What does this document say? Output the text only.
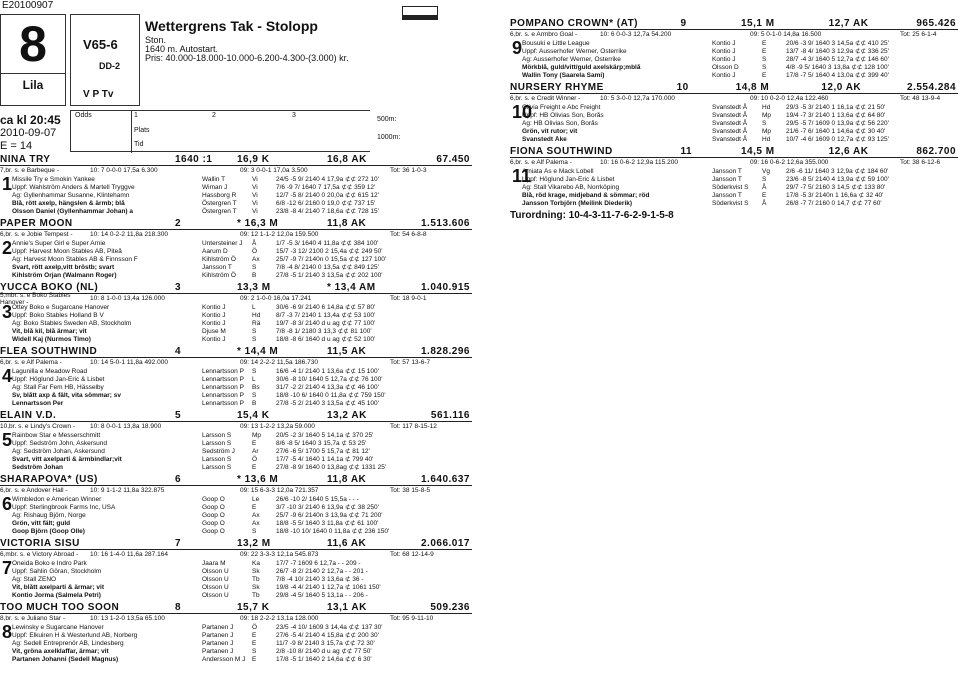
E20100907
8
Lila
V65-6
DD-2
V P Tv
ca kl 20:45
2010-09-07
E = 14
Odds	1	2	3
Plats
Tid
500m:
1000m:
Wettergrens Tak - Stolopp
Ston.
1640 m. Autostart.
Pris: 40.000-18.000-10.000-6.200-4.300-(3.000) kr.
NINA TRY	1640 :1	16,9 K	16,8 AK	67.450
7,br. s. e Barbeque -	10: 7 0-0-0 17,5a 6.300	09: 3 0-0-1 17,0a 3.500	Tot: 36 1-0-3
1 Missile Try e Smokin Yankee	Wallin T	Vi	24/5 -5 9/ 2140 4 17,9a ⊄⊄ 272 10'
Uppf: Wahlström Anders & Martell Tryggve	Wiman J	Vi	7/6 -9 7/ 1640 7 17,5a ⊄⊄ 359 12'
Äg: Gyllenhammar Susanne, Klintehamn	Hassborg R	Vi	12/7 -5 8/ 2140 0 20,0a ⊄⊄ 615 12'
Blå, rött axelp, hängslen & ärmb; blå	Östergren T	Vi	6/8 -12 6/ 2160 0 19,0 ⊄⊄ 737 15'
Olsson Daniel (Gyllenhammar Johan) a	Östergren T	Vi	23/8 -8 4/ 2140 7 18,6a ⊄⊄ 728 15'
PAPER MOON	2	* 16,3 M	11,8 AK	1.513.606
6,br. s. e Jobie Tempest -	10: 14 0-2-2 11,8a 218.300	09: 12 1-1-2 12,0a 159.500	Tot: 54 6-8-8
2 Annie's Super Girl e Super Arnie	Untersteiner J	Å	1/7 -5 3/ 1640 4 11,8a ⊄⊄ 384 100'
Uppf: Harvest Moon Stables AB, Piteå	Aarum D	Ö	15/7 -3 12/ 2100 2 15,4a ⊄⊄ 249 50'
Äg: Harvest Moon Stables AB & Finnsson F	Kihlström Ö	Ax	25/7 -9 7/ 2140n 0 15,5a ⊄⊄ 127 100'
Svart, rött axelp,vitt bröstb; svart	Jansson T	S	7/8 -4 8/ 2140 0 13,5a ⊄⊄ 849 125'
Kihlström Örjan (Walmann Roger)	Kihlström Ö	B	27/8 -5 1/ 2140 3 13,5a ⊄⊄ 202 100'
YUCCA BOKO (NL)	3	13,3 M	* 13,4 AM	1.040.915
5,mbr. s. e Boko Stables Hanover -	10: 8 1-0-0 13,4a 126.000	09: 2 1-0-0 16,0a 17.241	Tot: 18 9-0-1
3 Ottey Boko e Sugarcane Hanover	Kontio J	L	30/6 -6 9/ 2140 6 14,8a ⊄⊄ 57 80'
Uppf: Boko Stables Holland B V	Kontio J	Hd	8/7 -3 7/ 2140 1 13,4a ⊄⊄ 53 100'
Äg: Boko Stables Sweden AB, Stockholm	Kontio J	Rä	19/7 -8 3/ 2140 d u ag ⊄⊄ 77 100'
Vit, blå kil, blå ärmar; vit	Djuse M	S	7/8 -8 1/ 2180 3 13,3 ⊄⊄ 81 100'
Widell Kaj (Nurmos Timo)	Kontio J	S	18/8 -8 6/ 1640 d u ag ⊄⊄ 52 100'
FLEA SOUTHWIND	4	* 14,4 M	11,5 AK	1.828.296
6,br. s. e Alf Palema -	10: 14 5-0-1 11,8a 492.000	09: 14 2-2-2 11,5a 186.730	Tot: 57 13-6-7
4 Lagunilla e Meadow Road	Lennartsson P	S	16/6 -4 1/ 2140 1 13,6a ⊄⊄ 15 100'
Uppf: Höglund Jan-Eric & Lisbet	Lennartsson P	L	30/6 -8 10/ 1640 5 12,7a ⊄⊄ 76 100'
Äg: Stall Far Fem HB, Hässelby	Lennartsson P	Bs	31/7 -2 2/ 2140 4 13,3a ⊄⊄ 46 100'
Sv, blått axp & fält, vita sömmar; sv	Lennartsson P	S	18/8 -10 6/ 1640 0 11,8a ⊄⊄ 759 150'
Lennartsson Per	Lennartsson P	B	27/8 -5 2/ 2140 3 13,5a ⊄⊄ 45 100'
ELAIN V.D.	5	15,4 K	13,2 AK	561.116
10,br. s. e Lindy's Crown -	10: 8 0-0-1 13,8a 18.900	09: 13 1-2-2 13,2a 59.000	Tot: 117 8-15-12
5 Rainbow Star e Messerschmitt	Larsson S	Mp	20/5 -2 3/ 1640 5 14,1a ⊄ 370 25'
Uppf: Sedström John, Askersund	Larsson S	E	8/6 -8 5/ 1640 3 15,7a ⊄ 53 25'
Äg: Sedström Johan, Askersund	Sedström J	Ar	27/6 -6 5/ 1700 5 15,7a ⊄ 81 12'
Svart, vitt axelparti & ärmbindlar;vit	Larsson S	Ö	17/7 -5 4/ 1640 1 14,1a ⊄ 799 40'
Sedström Johan	Larsson S	E	27/8 -8 9/ 1640 0 13,8ag ⊄⊄ 1331 25'
SHARAPOVA* (US)	6	* 13,6 M	11,8 AK	1.640.637
6,br. s. e Andover Hall -	10: 9 1-1-2 11,8a 322.875	09: 15 6-3-3 12,0a 721.357	Tot: 38 15-8-5
6 Wimbledon e American Winner	Goop O	Le	26/6 -10 2/ 1640 5 15,5a - - -
Uppf: Sterlingbrook Farms Inc, USA	Goop O	E	3/7 -10 3/ 2140 6 13,9a ⊄⊄ 38 250'
Äg: Rishaug Björn, Norge	Goop O	Ax	25/7 -9 6/ 2140n 3 13,9a ⊄⊄ 71 200'
Grön, vitt fält; guld	Goop O	Ax	18/8 -5 5/ 1640 3 11,8a ⊄⊄ 61 100'
Goop Björn (Goop Olle)	Goop O	S	18/8 -10 10/ 1640 0 11,8a ⊄⊄ 236 150'
VICTORIA SISU	7	13,2 M	11,6 AK	2.066.017
6,mbr. s. e Victory Abroad -	10: 16 1-4-0 11,6a 287.164	09: 22 3-3-3 12,1a 545.873	Tot: 68 12-14-9
7 Oneida Boko e Indro Park	Jaara M	Ka	17/7 -7 1609 6 12,7a - - 209 -
Uppf: Sahlin Göran, Stockholm	Olsson U	Sk	26/7 -8 2/ 2140 2 12,7a - - 201 -
Äg: Stall ZENO	Olsson U	Tb	7/8 -4 10/ 2140 3 13,6a ⊄ 36 -
Vit, blått axelparti & ärmar; vit	Olsson U	Sk	19/8 -4 4/ 2140 1 12,7a ⊄ 1061 150'
Kontio Jorma (Salmela Petri)	Olsson U	Tb	29/8 -4 5/ 1640 5 13,1a - - 206 -
TOO MUCH TOO SOON	8	15,7 K	13,1 AK	509.236
8,br. s. e Juliano Star -	10: 13 1-2-0 13,5a 65.100	09: 18 2-2-2 13,1a 128.000	Tot: 95 9-11-10
8 Lewinsky e Sugarcane Hanover	Partanen J	Ö	23/5 -4 10/ 1609 3 14,4a ⊄⊄ 137 30'
Uppf: Elkuiren H & Westerlund AB, Norberg	Partanen J	E	27/6 -5 4/ 2140 4 15,8a ⊄⊄ 200 30'
Äg: Sedell Entreprenör AB, Lindesberg	Partanen J	E	11/7 -9 8/ 2140 3 15,7a ⊄⊄ 72 30'
Vit, gröna axelklaffar, ärmar; vit	Partanen J	S	2/8 -10 8/ 2140 d u ag ⊄⊄ 77 50'
Partanen Johanni (Sedell Magnus)	Andersson M J	E	17/8 -5 1/ 1640 2 14,6a ⊄⊄ 6 30'
POMPANO CROWN* (AT)	9	15,1 M	12,7 AK	965.426
6,br. s. e Armbro Goal -	10: 6 0-0-3 12,7a 54.200	09: 5 0-1-0 14,8a 16.500	Tot: 25 6-1-4
9 Bousuki e Little League	Kontio J	E	20/6 -3 9/ 1640 3 14,5a ⊄⊄ 410 25'
Uppf: Ausserhofer Werner, Österrike	Kontio J	E	13/7 -8 4/ 1640 3 12,9a ⊄⊄ 336 25'
Äg: Ausserhofer Werner, Österrike	Kontio J	S	28/7 -4 3/ 1640 5 12,7a ⊄⊄ 146 60'
Mörkblå, guld/vitt/guld axelskärp;mblå	Olsson D	S	4/8 -9 5/ 1640 3 13,8a ⊄⊄ 128 100'
Wallin Tony (Saarela Sami)	Kontio J	E	17/8 -7 5/ 1640 4 13,0a ⊄⊄ 399 40'
NURSERY RHYME	10	14,8 M	12,0 AK	2.554.284
6,br. s. e Credit Winner -	10: 5 3-0-0 12,7a 170.000	09: 10 0-2-0 12,4a 122.460	Tot: 48 13-9-4
10
Olivia Freight e Abc Freight	Svanstedt Å	Hd	29/3 -5 3/ 2140 1 16,1a ⊄⊄ 21 50'
Uppf: HB Olivias Son, Borås	Svanstedt Å	Mp	19/4 -7 3/ 2140 1 13,6a ⊄⊄ 64 80'
Äg: HB Olivias Son, Borås	Svanstedt Å	S	29/5 -5 7/ 1609 0 13,9a ⊄⊄ 56 220'
Grön, vit rutor; vit	Svanstedt Å	Mp	21/6 -7 6/ 1640 1 14,6a ⊄⊄ 30 40'
Svanstedt Åke	Svanstedt Å	Hd	10/7 -4 6/ 1609 0 12,7a ⊄⊄ 93 125'
FIONA SOUTHWIND	11	14,5 M	12,6 AK	862.700
6,br. s. e Alf Palema -	10: 16 0-6-2 12,9a 115.200	09: 16 0-6-2 12,6a 355.000	Tot: 38 6-12-6
11
Amiata Äs e Mack Lobell	Jansson T	Vg	2/6 -6 11/ 1640 3 12,9a ⊄⊄ 184 60'
Uppf: Höglund Jan-Eric & Lisbet	Jansson T	S	23/6 -8 5/ 2140 4 13,9a ⊄⊄ 59 100'
Äg: Stall Vikarebo AB, Norrköping	Söderkvist S	Å	29/7 -7 5/ 2160 3 14,5 ⊄⊄ 133 80'
Blå, röd krage, midjeband & sömmar; röd	Jansson T	E	17/8 -5 3/ 2140n 1 16,6a ⊄ 32 40'
Jansson Torbjörn (Meilink Diederik)	Söderkvist S	Å	26/8 -7 7/ 2160 0 14,7 ⊄⊄ 77 60'
Turordning: 10-4-3-11-7-6-2-9-1-5-8
